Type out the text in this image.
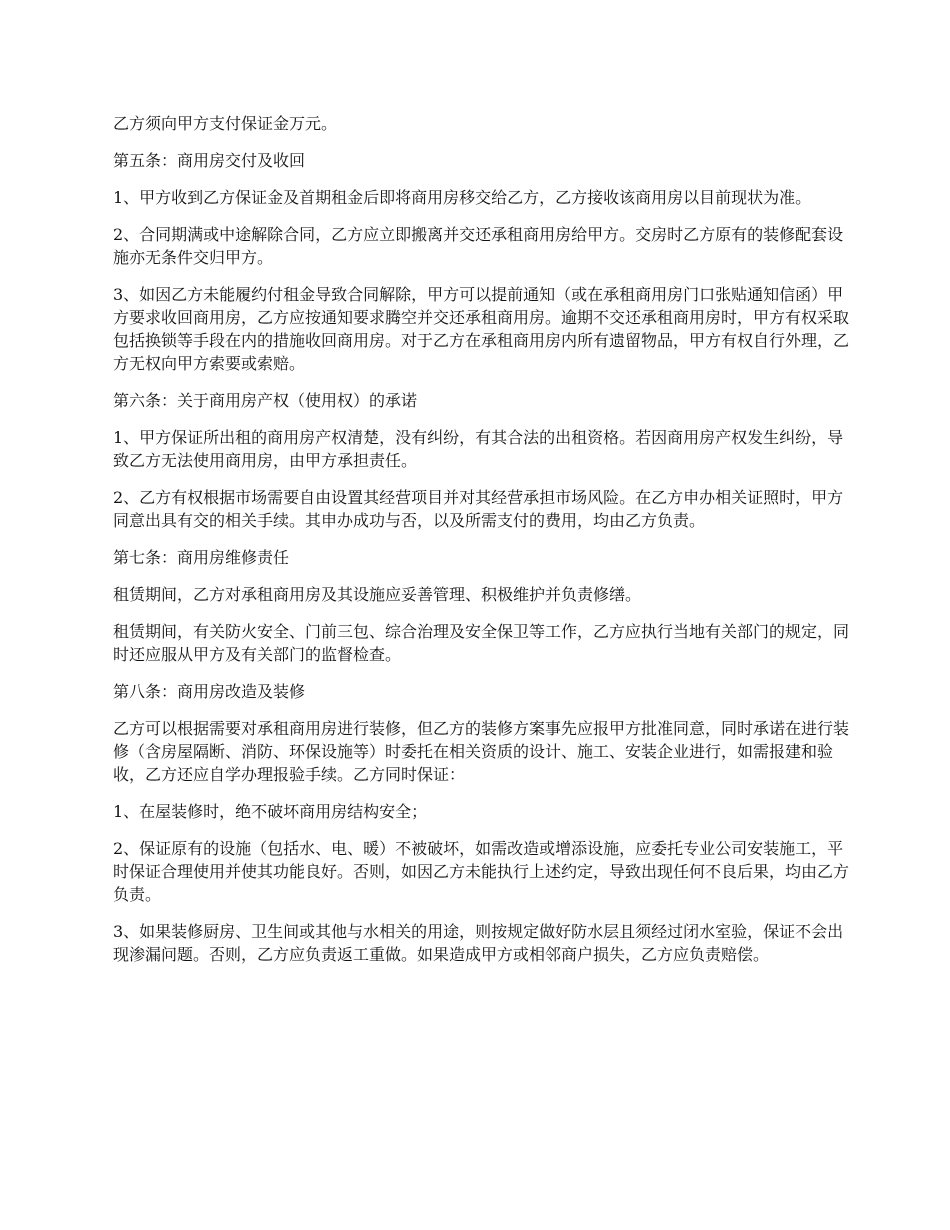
乙方须向甲方支付保证金万元。

第五条：商用房交付及收回

1、甲方收到乙方保证金及首期租金后即将商用房移交给乙方，乙方接收该商用房以目前现状为准。

2、合同期满或中途解除合同，乙方应立即搬离并交还承租商用房给甲方。交房时乙方原有的装修配套设施亦无条件交归甲方。

3、如因乙方未能履约付租金导致合同解除，甲方可以提前通知（或在承租商用房门口张贴通知信函）甲方要求收回商用房，乙方应按通知要求腾空并交还承租商用房。逾期不交还承租商用房时，甲方有权采取包括换锁等手段在内的措施收回商用房。对于乙方在承租商用房内所有遗留物品，甲方有权自行外理，乙方无权向甲方索要或索赔。

第六条：关于商用房产权（使用权）的承诺

1、甲方保证所出租的商用房产权清楚，没有纠纷，有其合法的出租资格。若因商用房产权发生纠纷，导致乙方无法使用商用房，由甲方承担责任。

2、乙方有权根据市场需要自由设置其经营项目并对其经营承担市场风险。在乙方申办相关证照时，甲方同意出具有交的相关手续。其申办成功与否，以及所需支付的费用，均由乙方负责。

第七条：商用房维修责任

租赁期间，乙方对承租商用房及其设施应妥善管理、积极维护并负责修缮。

租赁期间，有关防火安全、门前三包、综合治理及安全保卫等工作，乙方应执行当地有关部门的规定，同时还应服从甲方及有关部门的监督检查。

第八条：商用房改造及装修

乙方可以根据需要对承租商用房进行装修，但乙方的装修方案事先应报甲方批准同意，同时承诺在进行装修（含房屋隔断、消防、环保设施等）时委托在相关资质的设计、施工、安装企业进行，如需报建和验收，乙方还应自学办理报验手续。乙方同时保证：

1、在屋装修时，绝不破坏商用房结构安全；

2、保证原有的设施（包括水、电、暖）不被破坏，如需改造或增添设施，应委托专业公司安装施工，平时保证合理使用并使其功能良好。否则，如因乙方未能执行上述约定，导致出现任何不良后果，均由乙方负责。

3、如果装修厨房、卫生间或其他与水相关的用途，则按规定做好防水层且须经过闭水室验，保证不会出现渗漏问题。否则，乙方应负责返工重做。如果造成甲方或相邻商户损失，乙方应负责赔偿。
